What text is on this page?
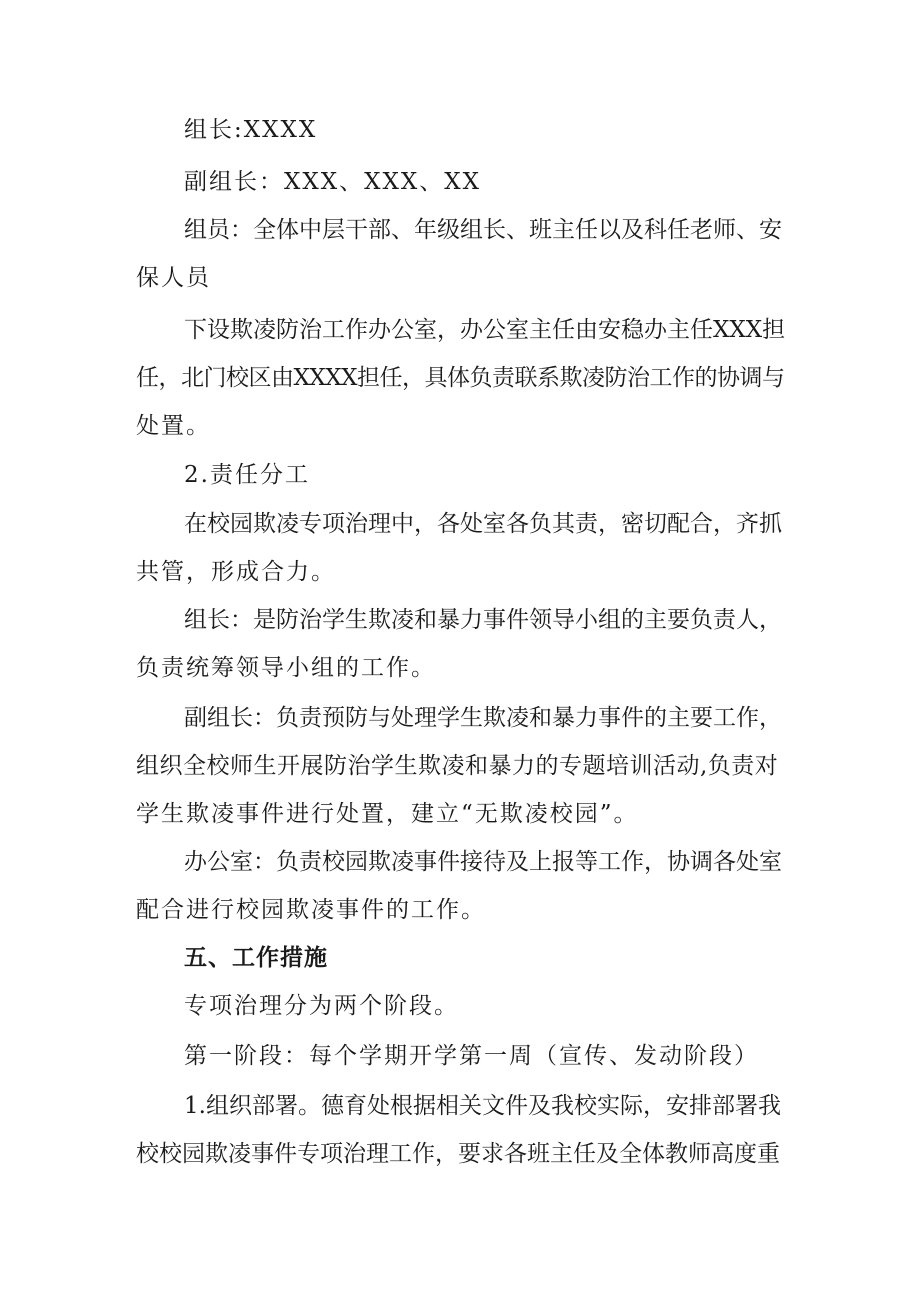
组长:XXXX
副组长：XXX、XXX、XX
组员：全体中层干部、年级组长、班主任以及科任老师、安
保人员
下设欺凌防治工作办公室，办公室主任由安稳办主任XXX担
任，北门校区由XXXX担任，具体负责联系欺凌防治工作的协调与
处置。
2.责任分工
在校园欺凌专项治理中，各处室各负其责，密切配合，齐抓
共管，形成合力。
组长：是防治学生欺凌和暴力事件领导小组的主要负责人，
负责统筹领导小组的工作。
副组长：负责预防与处理学生欺凌和暴力事件的主要工作，
组织全校师生开展防治学生欺凌和暴力的专题培训活动,负责对
学生欺凌事件进行处置，建立“无欺凌校园”。
办公室：负责校园欺凌事件接待及上报等工作，协调各处室
配合进行校园欺凌事件的工作。
五、工作措施
专项治理分为两个阶段。
第一阶段：每个学期开学第一周（宣传、发动阶段）
1.组织部署。德育处根据相关文件及我校实际，安排部署我
校校园欺凌事件专项治理工作，要求各班主任及全体教师高度重
